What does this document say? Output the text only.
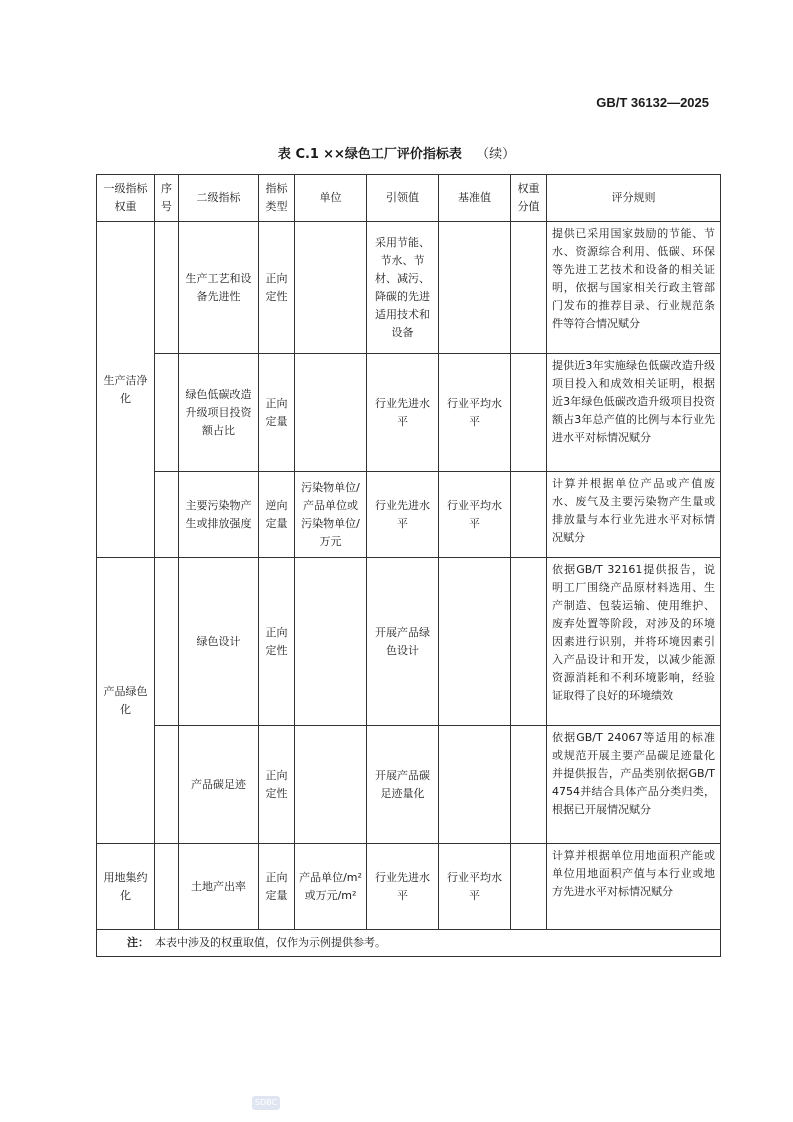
GB/T 36132—2025
表 C.1 ××绿色工厂评价指标表 （续）
一级指标 权重	序号	二级指标	指标类型	单位	引领值	基准值	权重分值	评分规则
生产洁净化		生产工艺和设备先进性	正向定性		采用节能、节水、节材、减污、降碳的先进适用技术和设备			提供已采用国家鼓励的节能、节水、资源综合利用、低碳、环保等先进工艺技术和设备的相关证明，依据与国家相关行政主管部门发布的推荐目录、行业规范条件等符合情况赋分
		绿色低碳改造升级项目投资额占比	正向定量		行业先进水平	行业平均水平		提供近3年实施绿色低碳改造升级项目投入和成效相关证明，根据近3年绿色低碳改造升级项目投资额占3年总产值的比例与本行业先进水平对标情况赋分
		主要污染物产生或排放强度	逆向定量	污染物单位/产品单位或污染物单位/万元	行业先进水平	行业平均水平		计算并根据单位产品或产值废水、废气及主要污染物产生量或排放量与本行业先进水平对标情况赋分
产品绿色化		绿色设计	正向定性		开展产品绿色设计			依据GB/T 32161提供报告，说明工厂围绕产品原材料选用、生产制造、包装运输、使用维护、废弃处置等阶段，对涉及的环境因素进行识别，并将环境因素引入产品设计和开发，以减少能源资源消耗和不利环境影响，经验证取得了良好的环境绩效
		产品碳足迹	正向定性		开展产品碳足迹量化			依据GB/T 24067等适用的标准或规范开展主要产品碳足迹量化并提供报告，产品类别依据GB/T 4754并结合具体产品分类归类，根据已开展情况赋分
用地集约化		土地产出率	正向定量	产品单位/m²或万元/m²	行业先进水平	行业平均水平		计算并根据单位用地面积产能或单位用地面积产值与本行业或地方先进水平对标情况赋分
注： 本表中涉及的权重取值，仅作为示例提供参考。								
SDBC
